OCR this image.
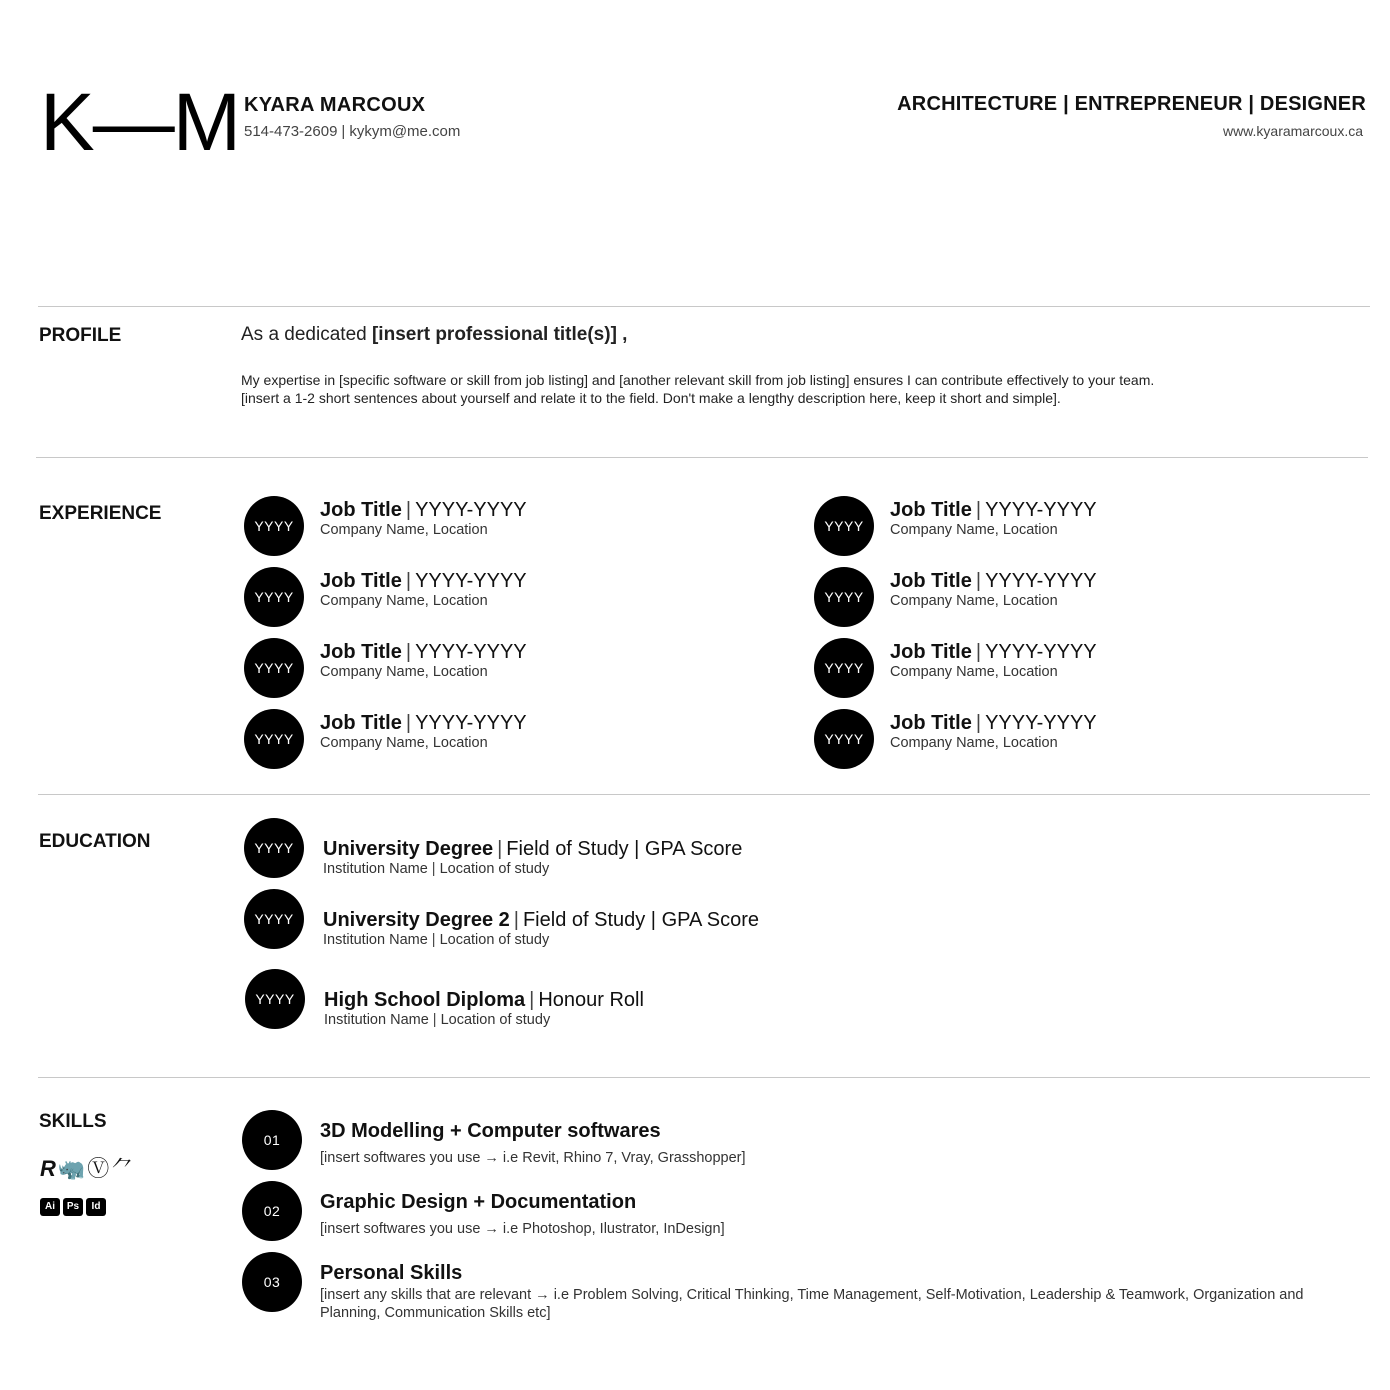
K—M KYARA MARCOUX
514-473-2609 | kykym@me.com
ARCHITECTURE | ENTREPRENEUR | DESIGNER
www.kyaramarcoux.ca
PROFILE	As a dedicated [insert professional title(s)] ,
My expertise in [specific software or skill from job listing] and [another relevant skill from job listing] ensures I can contribute effectively to your team.
[insert a 1-2 short sentences about yourself and relate it to the field. Don't make a lengthy description here, keep it short and simple].
EXPERIENCE
YYYY
Job Title | YYYY-YYYY
Company Name, Location
YYYY
Job Title | YYYY-YYYY
Company Name, Location
YYYY
Job Title | YYYY-YYYY
Company Name, Location
YYYY
Job Title | YYYY-YYYY
Company Name, Location
YYYY
Job Title | YYYY-YYYY
Company Name, Location
YYYY
Job Title | YYYY-YYYY
Company Name, Location
YYYY
Job Title | YYYY-YYYY
Company Name, Location
YYYY
Job Title | YYYY-YYYY
Company Name, Location
EDUCATION	YYYY	University Degree | Field of Study | GPA Score
Institution Name | Location of study
YYYY	University Degree 2 | Field of Study | GPA Score
Institution Name | Location of study
YYYY	High School Diploma | Honour Roll
Institution Name | Location of study
SKILLS
R🦏Ⓥ⺈
Ai Ps Id
01	3D Modelling + Computer softwares
[insert softwares you use → i.e Revit, Rhino 7, Vray, Grasshopper]
02	Graphic Design + Documentation
[insert softwares you use → i.e Photoshop, Ilustrator, InDesign]
03	Personal Skills
[insert any skills that are relevant → i.e Problem Solving, Critical Thinking, Time Management, Self-Motivation, Leadership & Teamwork, Organization and Planning, Communication Skills etc]
